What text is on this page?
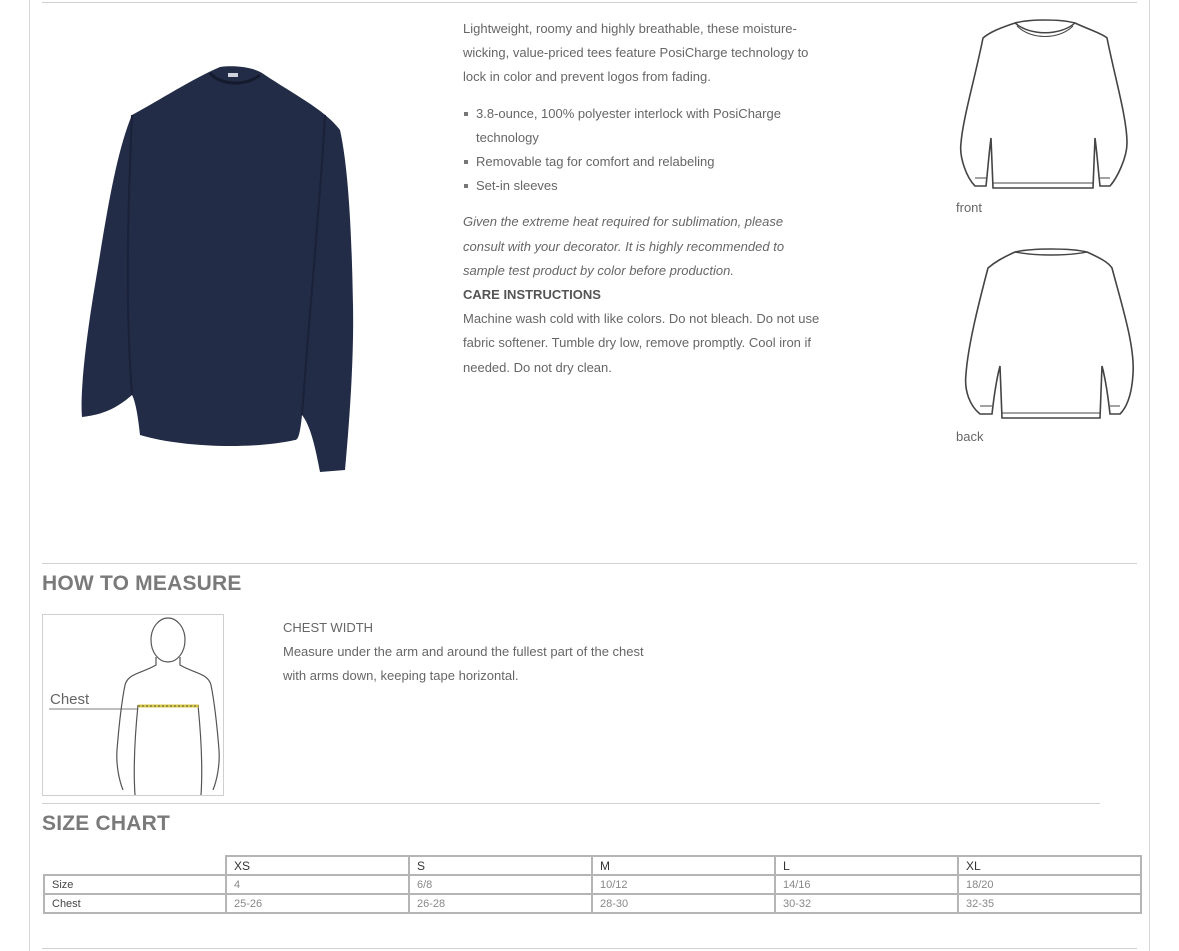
Lightweight, roomy and highly breathable, these moisture-wicking, value-priced tees feature PosiCharge technology to lock in color and prevent logos from fading.

3.8-ounce, 100% polyester interlock with PosiCharge technology
Removable tag for comfort and relabeling
Set-in sleeves

Given the extreme heat required for sublimation, please consult with your decorator. It is highly recommended to sample test product by color before production.

CARE INSTRUCTIONS

Machine wash cold with like colors. Do not bleach. Do not use fabric softener. Tumble dry low, remove promptly. Cool iron if needed. Do not dry clean.

front
back
HOW TO MEASURE
Chest
CHEST WIDTH
Measure under the arm and around the fullest part of the chest with arms down, keeping tape horizontal.
SIZE CHART
	XS	S	M	L	XL
Size	4	6/8	10/12	14/16	18/20
Chest	25-26	26-28	28-30	30-32	32-35
